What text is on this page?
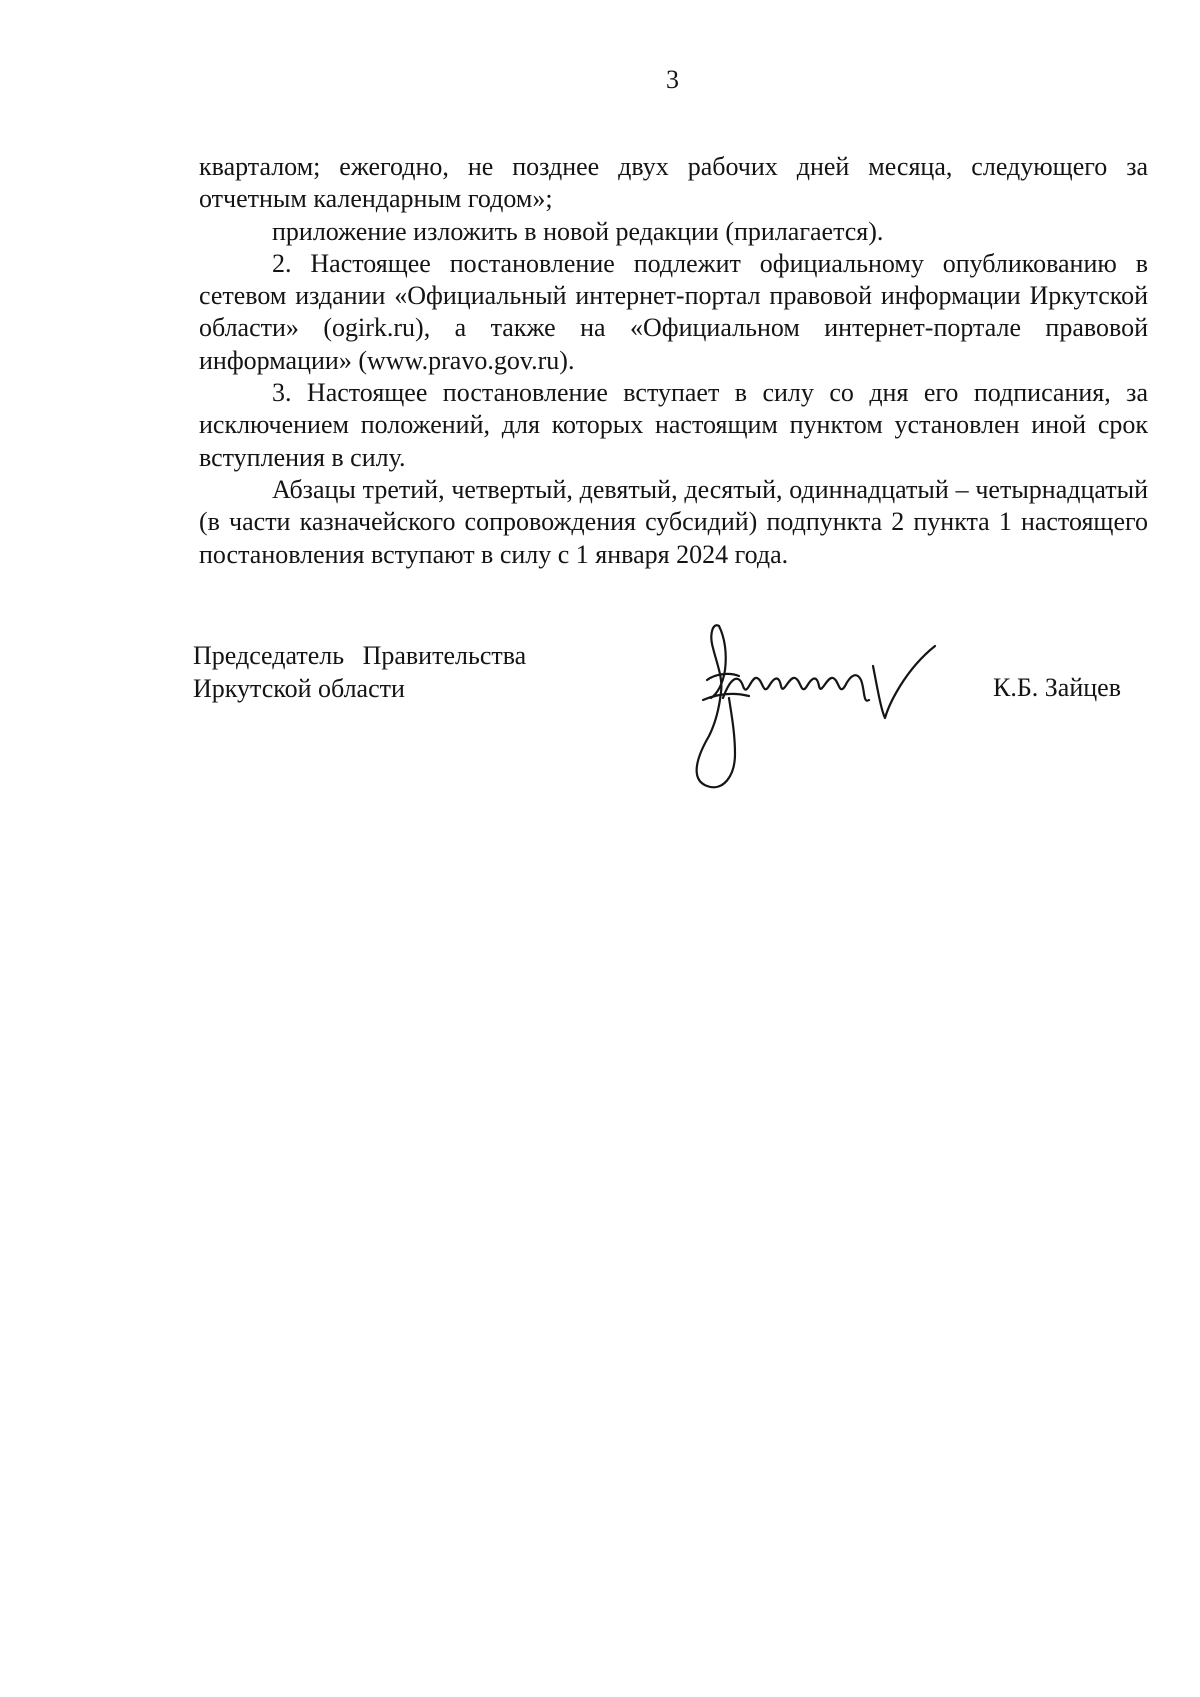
3

кварталом; ежегодно, не позднее двух рабочих дней месяца, следующего за отчетным календарным годом»;

приложение изложить в новой редакции (прилагается).

2. Настоящее постановление подлежит официальному опубликованию в сетевом издании «Официальный интернет-портал правовой информации Иркутской области» (ogirk.ru), а также на «Официальном интернет-портале правовой информации» (www.pravo.gov.ru).

3. Настоящее постановление вступает в силу со дня его подписания, за исключением положений, для которых настоящим пунктом установлен иной срок вступления в силу.

Абзацы третий, четвертый, девятый, десятый, одиннадцатый – четырнадцатый (в части казначейского сопровождения субсидий) подпункта 2 пункта 1 настоящего постановления вступают в силу с 1 января 2024 года.

Председатель Правительства
Иркутской области	К.Б. Зайцев
